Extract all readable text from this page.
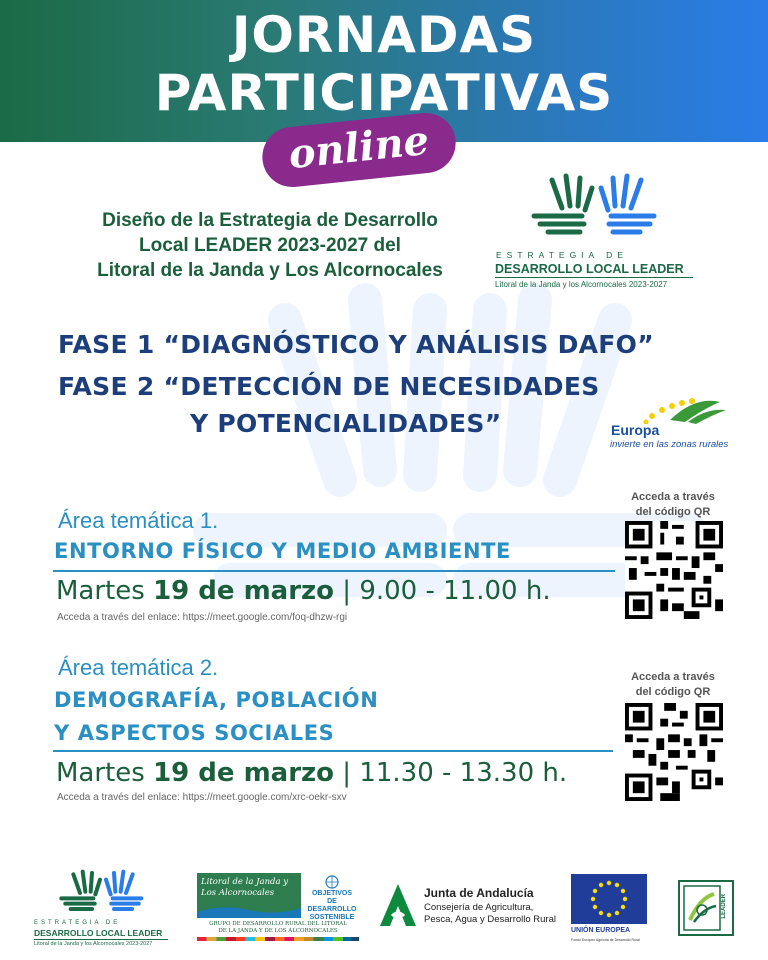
JORNADAS
PARTICIPATIVAS
online
Diseño de la Estrategia de Desarrollo
Local LEADER 2023-2027 del
Litoral de la Janda y Los Alcornocales
ESTRATEGIA DE
DESARROLLO LOCAL LEADER
Litoral de la Janda y los Alcornocales 2023-2027
FASE 1 “DIAGNÓSTICO Y ANÁLISIS DAFO”
FASE 2 “DETECCIÓN DE NECESIDADES
Y POTENCIALIDADES”	Europa
invierte en las zonas rurales
Área temática 1.
ENTORNO FÍSICO Y MEDIO AMBIENTE
Martes 19 de marzo | 9.00 - 11.00 h.
Acceda a través del enlace: https://meet.google.com/foq-dhzw-rgi
Acceda a través
del código QR
Área temática 2.
DEMOGRAFÍA, POBLACIÓN
Y ASPECTOS SOCIALES
Martes 19 de marzo | 11.30 - 13.30 h.
Acceda a través del enlace: https://meet.google.com/xrc-oekr-sxv
Acceda a través
del código QR
ESTRATEGIA DE
DESARROLLO LOCAL LEADER
Litoral de la Janda y los Alcornocales 2023-2027
Litoral de la Janda y
Los Alcornocales	OBJETIVOS
DE DESARROLLO
SOSTENIBLE
GRUPO DE DESARROLLO RURAL DEL LITORAL
DE LA JANDA Y DE LOS ALCORNOCALES
Junta de Andalucía
Consejería de Agricultura,
Pesca, Agua y Desarrollo Rural
UNIÓN EUROPEA
Fondo Europeo Agrícola de Desarrollo Rural
LEADER
